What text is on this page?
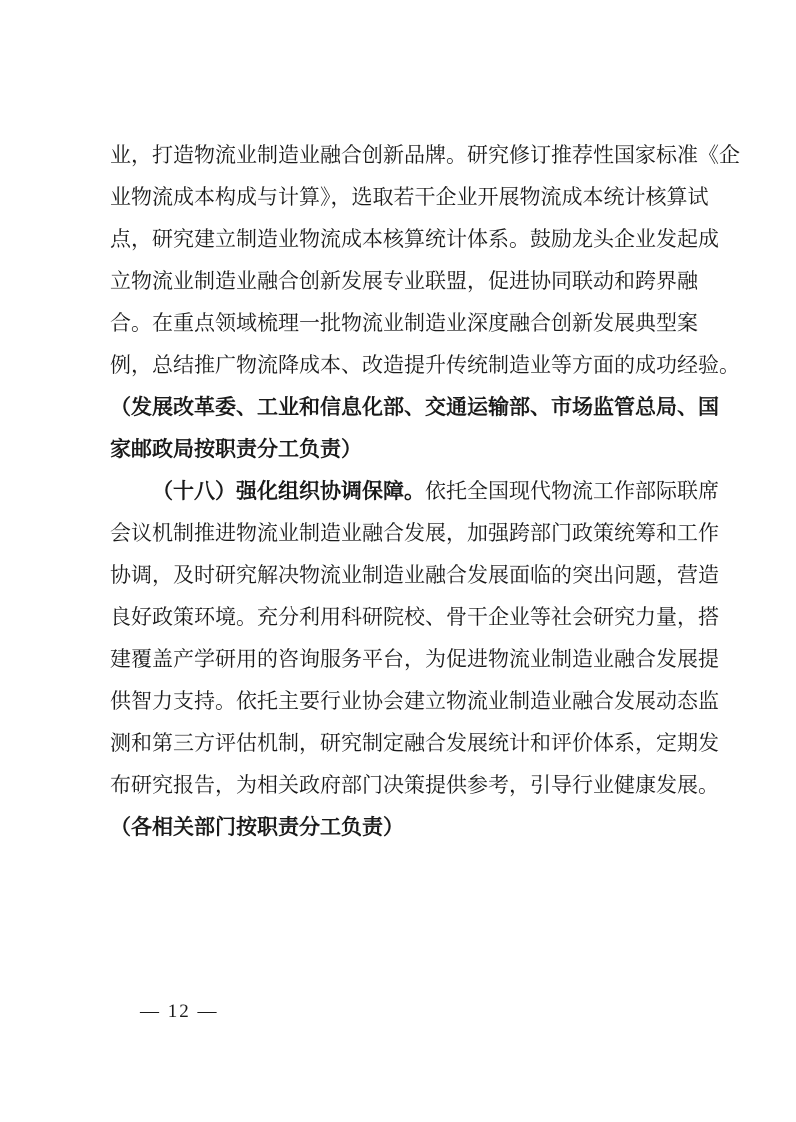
业，打造物流业制造业融合创新品牌。研究修订推荐性国家标准《企
业物流成本构成与计算》，选取若干企业开展物流成本统计核算试
点，研究建立制造业物流成本核算统计体系。鼓励龙头企业发起成
立物流业制造业融合创新发展专业联盟，促进协同联动和跨界融
合。在重点领域梳理一批物流业制造业深度融合创新发展典型案
例，总结推广物流降成本、改造提升传统制造业等方面的成功经验。
（发展改革委、工业和信息化部、交通运输部、市场监管总局、国
家邮政局按职责分工负责）
（十八）强化组织协调保障。依托全国现代物流工作部际联席
会议机制推进物流业制造业融合发展，加强跨部门政策统筹和工作
协调，及时研究解决物流业制造业融合发展面临的突出问题，营造
良好政策环境。充分利用科研院校、骨干企业等社会研究力量，搭
建覆盖产学研用的咨询服务平台，为促进物流业制造业融合发展提
供智力支持。依托主要行业协会建立物流业制造业融合发展动态监
测和第三方评估机制，研究制定融合发展统计和评价体系，定期发
布研究报告，为相关政府部门决策提供参考，引导行业健康发展。
（各相关部门按职责分工负责）
— 12 —
